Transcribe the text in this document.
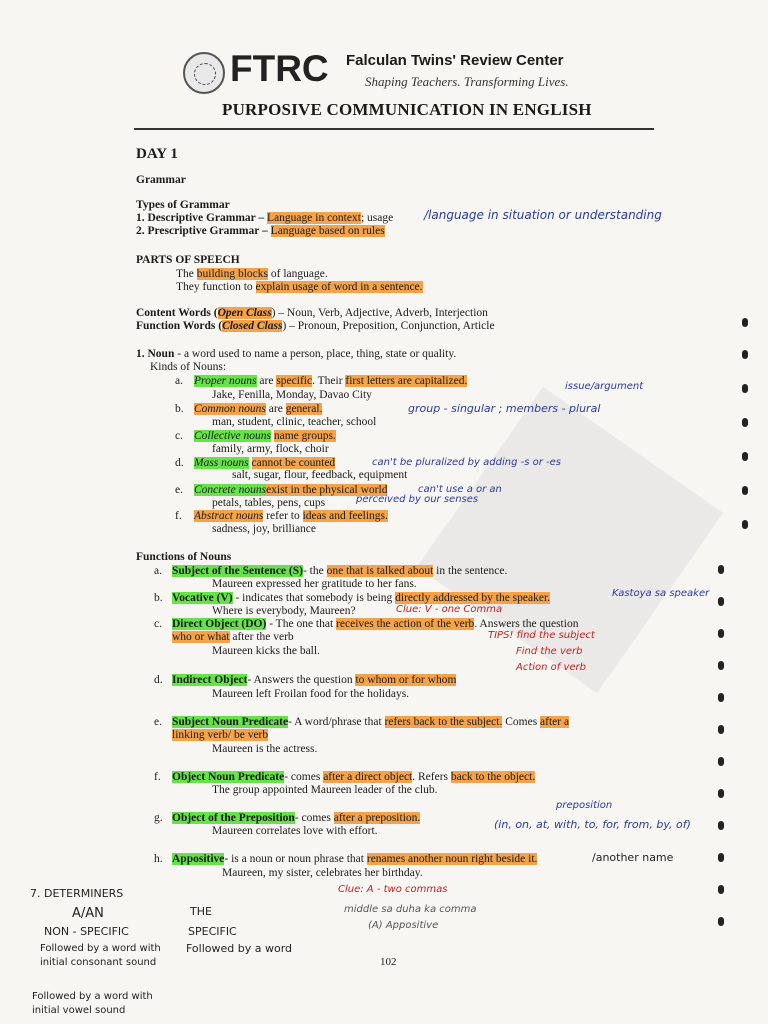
FTRC Falculan Twins' Review Center
Shaping Teachers. Transforming Lives.
PURPOSIVE COMMUNICATION IN ENGLISH
DAY 1
Grammar
Types of Grammar
1. Descriptive Grammar – Language in context; usage	/language in situation or understanding
2. Prescriptive Grammar – Language based on rules
PARTS OF SPEECH
The building blocks of language.
They function to explain usage of word in a sentence.
Content Words (Open Class) – Noun, Verb, Adjective, Adverb, Interjection
Function Words (Closed Class) – Pronoun, Preposition, Conjunction, Article
1. Noun - a word used to name a person, place, thing, state or quality.
Kinds of Nouns:
a. Proper nouns are specific. Their first letters are capitalized.
Jake, Fenilla, Monday, Davao City
issue/argument
b. Common nouns are general.
man, student, clinic, teacher, school
group - singular ; members - plural
c. Collective nouns name groups.
family, army, flock, choir
d. Mass nouns cannot be counted
salt, sugar, flour, feedback, equipment
can't be pluralized by adding -s or -es
e. Concrete nounsexist in the physical world
petals, tables, pens, cups
can't use a or an
perceived by our senses
f. Abstract nouns refer to ideas and feelings.
sadness, joy, brilliance
Functions of Nouns
a. Subject of the Sentence (S)- the one that is talked about in the sentence.
Maureen expressed her gratitude to her fans.
b. Vocative (V) - indicates that somebody is being directly addressed by the speaker.
Where is everybody, Maureen?
Kastoya sa speaker
Clue: V - one Comma
c. Direct Object (DO) - The one that receives the action of the verb. Answers the question
who or what after the verb
Maureen kicks the ball.
TIPS! find the subject
Find the verb
Action of verb
d. Indirect Object- Answers the question to whom or for whom
Maureen left Froilan food for the holidays.
e. Subject Noun Predicate- A word/phrase that refers back to the subject. Comes after a
linking verb/ be verb
Maureen is the actress.
f. Object Noun Predicate- comes after a direct object. Refers back to the object.
The group appointed Maureen leader of the club.
g. Object of the Preposition- comes after a preposition.
Maureen correlates love with effort.
preposition
(in, on, at, with, to, for, from, by, of)
h. Appositive- is a noun or noun phrase that renames another noun right beside it.
Maureen, my sister, celebrates her birthday.
/another name
Clue: A - two commas
middle sa duha ka comma
(A) Appositive
7. DETERMINERS
A/AN
NON - SPECIFIC
Followed by a word with initial consonant sound
Followed by a word with initial vowel sound
THE
SPECIFIC
Followed by a word
102
